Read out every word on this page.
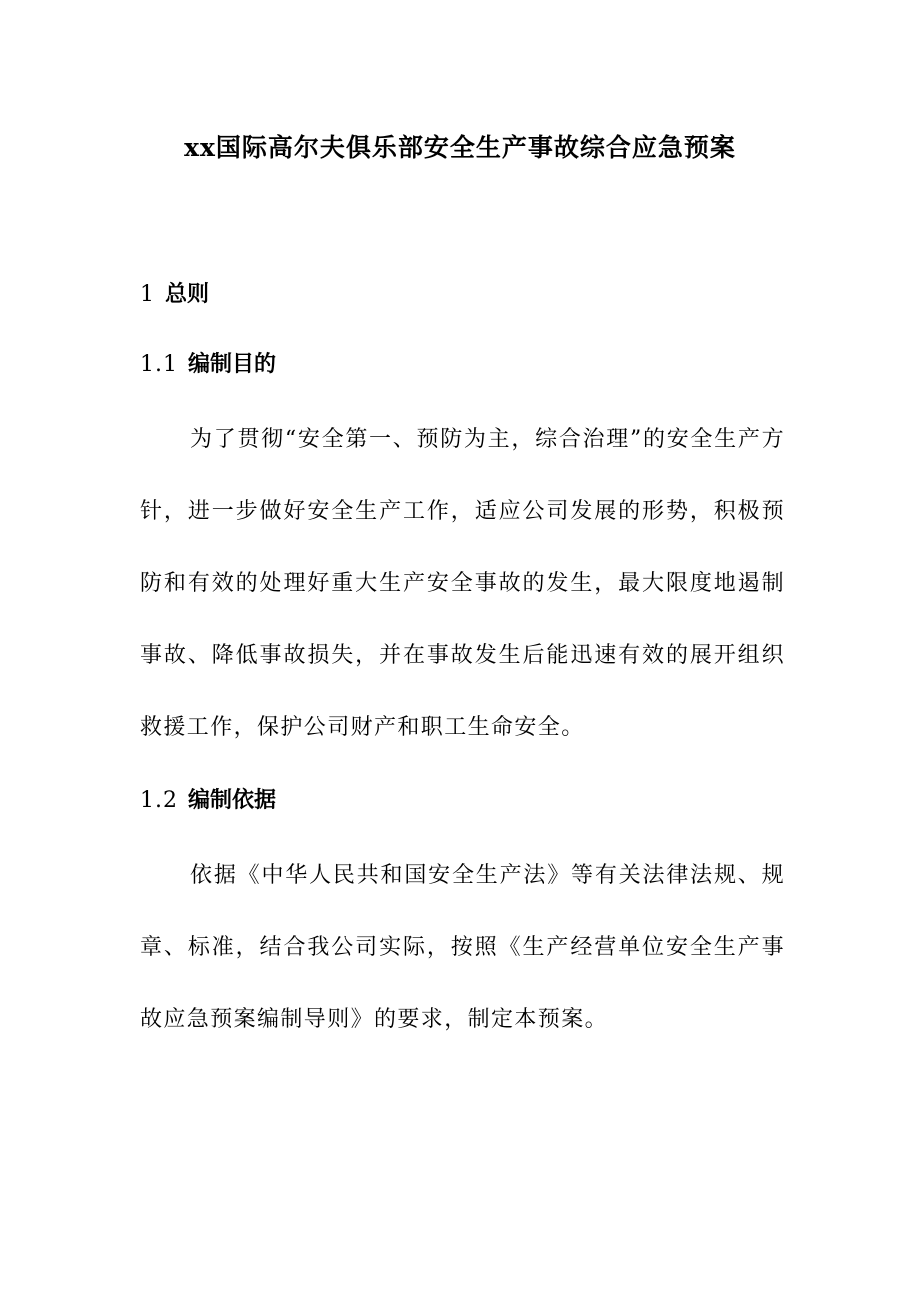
xx国际高尔夫俱乐部安全生产事故综合应急预案
1 总则
1.1 编制目的

为了贯彻“安全第一、预防为主，综合治理”的安全生产方针，进一步做好安全生产工作，适应公司发展的形势，积极预防和有效的处理好重大生产安全事故的发生，最大限度地遏制事故、降低事故损失，并在事故发生后能迅速有效的展开组织救援工作，保护公司财产和职工生命安全。

1.2 编制依据

依据《中华人民共和国安全生产法》等有关法律法规、规章、标准，结合我公司实际，按照《生产经营单位安全生产事故应急预案编制导则》的要求，制定本预案。
